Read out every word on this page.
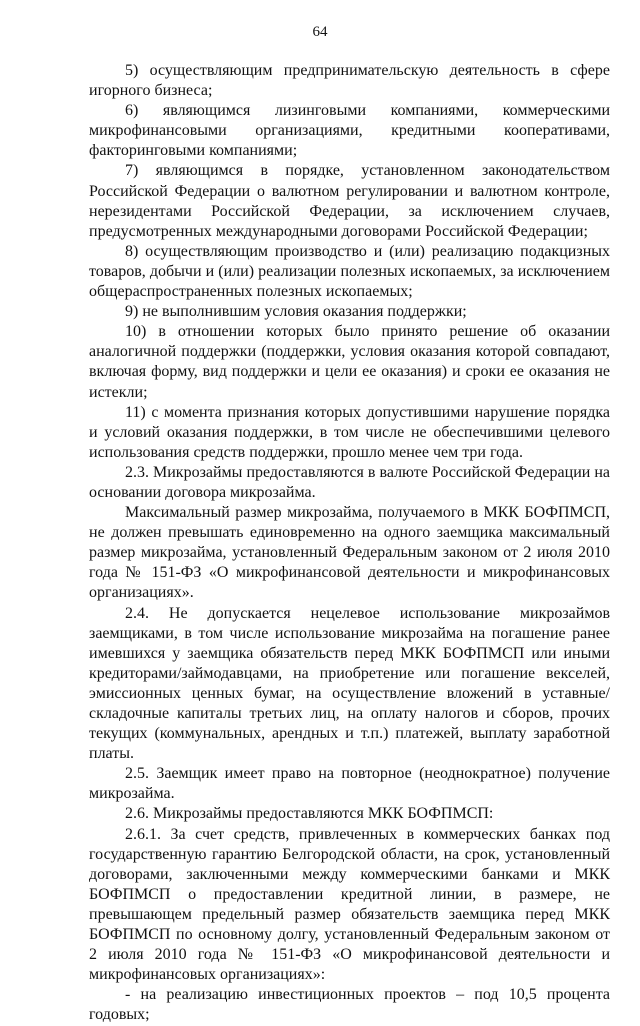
64

5) осуществляющим предпринимательскую деятельность в сфере игорного бизнеса;

6) являющимся лизинговыми компаниями, коммерческими микрофинансовыми организациями, кредитными кооперативами, факторинговыми компаниями;

7) являющимся в порядке, установленном законодательством Российской Федерации о валютном регулировании и валютном контроле, нерезидентами Российской Федерации, за исключением случаев, предусмотренных международными договорами Российской Федерации;

8) осуществляющим производство и (или) реализацию подакцизных товаров, добычи и (или) реализации полезных ископаемых, за исключением общераспространенных полезных ископаемых;

9) не выполнившим условия оказания поддержки;

10) в отношении которых было принято решение об оказании аналогичной поддержки (поддержки, условия оказания которой совпадают, включая форму, вид поддержки и цели ее оказания) и сроки ее оказания не истекли;

11) с момента признания которых допустившими нарушение порядка и условий оказания поддержки, в том числе не обеспечившими целевого использования средств поддержки, прошло менее чем три года.

2.3. Микрозаймы предоставляются в валюте Российской Федерации на основании договора микрозайма.

Максимальный размер микрозайма, получаемого в МКК БОФПМСП, не должен превышать единовременно на одного заемщика максимальный размер микрозайма, установленный Федеральным законом от 2 июля 2010 года № 151-ФЗ «О микрофинансовой деятельности и микрофинансовых организациях».

2.4. Не допускается нецелевое использование микрозаймов заемщиками, в том числе использование микрозайма на погашение ранее имевшихся у заемщика обязательств перед МКК БОФПМСП или иными кредиторами/займодавцами, на приобретение или погашение векселей, эмиссионных ценных бумаг, на осуществление вложений в уставные/складочные капиталы третьих лиц, на оплату налогов и сборов, прочих текущих (коммунальных, арендных и т.п.) платежей, выплату заработной платы.

2.5. Заемщик имеет право на повторное (неоднократное) получение микрозайма.

2.6. Микрозаймы предоставляются МКК БОФПМСП:

2.6.1. За счет средств, привлеченных в коммерческих банках под государственную гарантию Белгородской области, на срок, установленный договорами, заключенными между коммерческими банками и МКК БОФПМСП о предоставлении кредитной линии, в размере, не превышающем предельный размер обязательств заемщика перед МКК БОФПМСП по основному долгу, установленный Федеральным законом от 2 июля 2010 года № 151-ФЗ «О микрофинансовой деятельности и микрофинансовых организациях»:

- на реализацию инвестиционных проектов – под 10,5 процента годовых;
